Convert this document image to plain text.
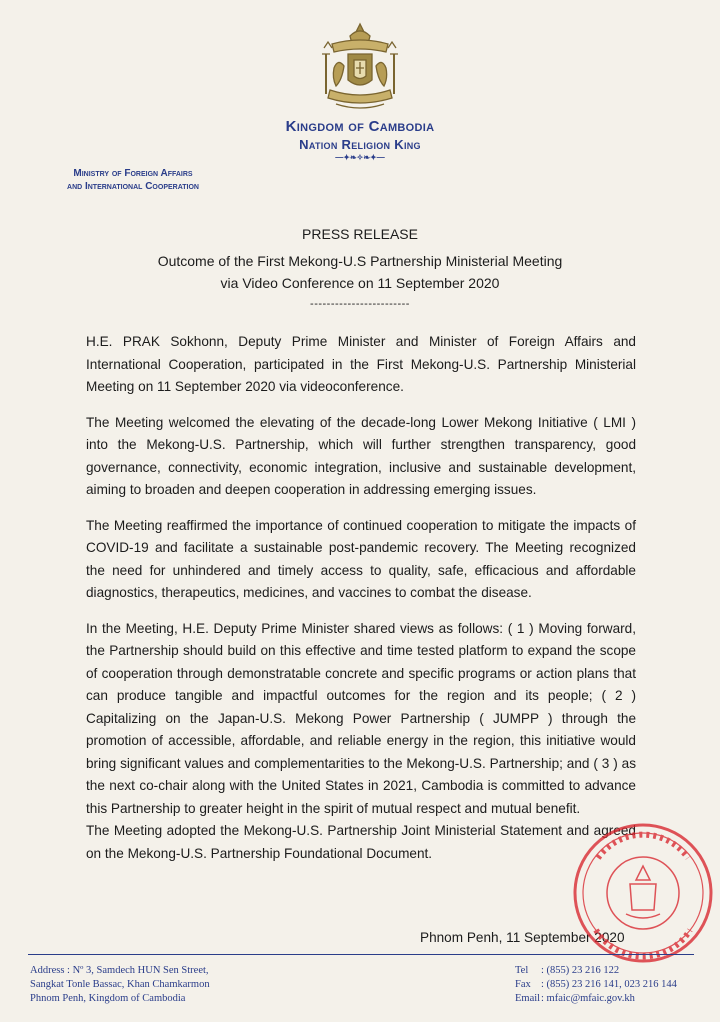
Kingdom of Cambodia
Nation Religion King
—✦❧✧❧✦—
Ministry of Foreign Affairs
and International Cooperation
PRESS RELEASE
Outcome of the First Mekong-U.S Partnership Ministerial Meeting
via Video Conference on 11 September 2020
------------------------

H.E. PRAK Sokhonn, Deputy Prime Minister and Minister of Foreign Affairs and International Cooperation, participated in the First Mekong-U.S. Partnership Ministerial Meeting on 11 September 2020 via videoconference.

The Meeting welcomed the elevating of the decade-long Lower Mekong Initiative ( LMI ) into the Mekong-U.S. Partnership, which will further strengthen transparency, good governance, connectivity, economic integration, inclusive and sustainable development, aiming to broaden and deepen cooperation in addressing emerging issues.

The Meeting reaffirmed the importance of continued cooperation to mitigate the impacts of COVID-19 and facilitate a sustainable post-pandemic recovery. The Meeting recognized the need for unhindered and timely access to quality, safe, efficacious and affordable diagnostics, therapeutics, medicines, and vaccines to combat the disease.

In the Meeting, H.E. Deputy Prime Minister shared views as follows: ( 1 ) Moving forward, the Partnership should build on this effective and time tested platform to expand the scope of cooperation through demonstratable concrete and specific programs or action plans that can produce tangible and impactful outcomes for the region and its people; ( 2 ) Capitalizing on the Japan-U.S. Mekong Power Partnership ( JUMPP ) through the promotion of accessible, affordable, and reliable energy in the region, this initiative would bring significant values and complementarities to the Mekong-U.S. Partnership; and ( 3 ) as the next co-chair along with the United States in 2021, Cambodia is committed to advance this Partnership to greater height in the spirit of mutual respect and mutual benefit.

The Meeting adopted the Mekong-U.S. Partnership Joint Ministerial Statement and agreed on the Mekong-U.S. Partnership Foundational Document.

Phnom Penh, 11 September 2020
Address : Nº 3, Samdech HUN Sen Street,
Sangkat Tonle Bassac, Khan Chamkarmon
Phnom Penh, Kingdom of Cambodia
Tel : (855) 23 216 122
Fax : (855) 23 216 141, 023 216 144
Email: mfaic@mfaic.gov.kh
